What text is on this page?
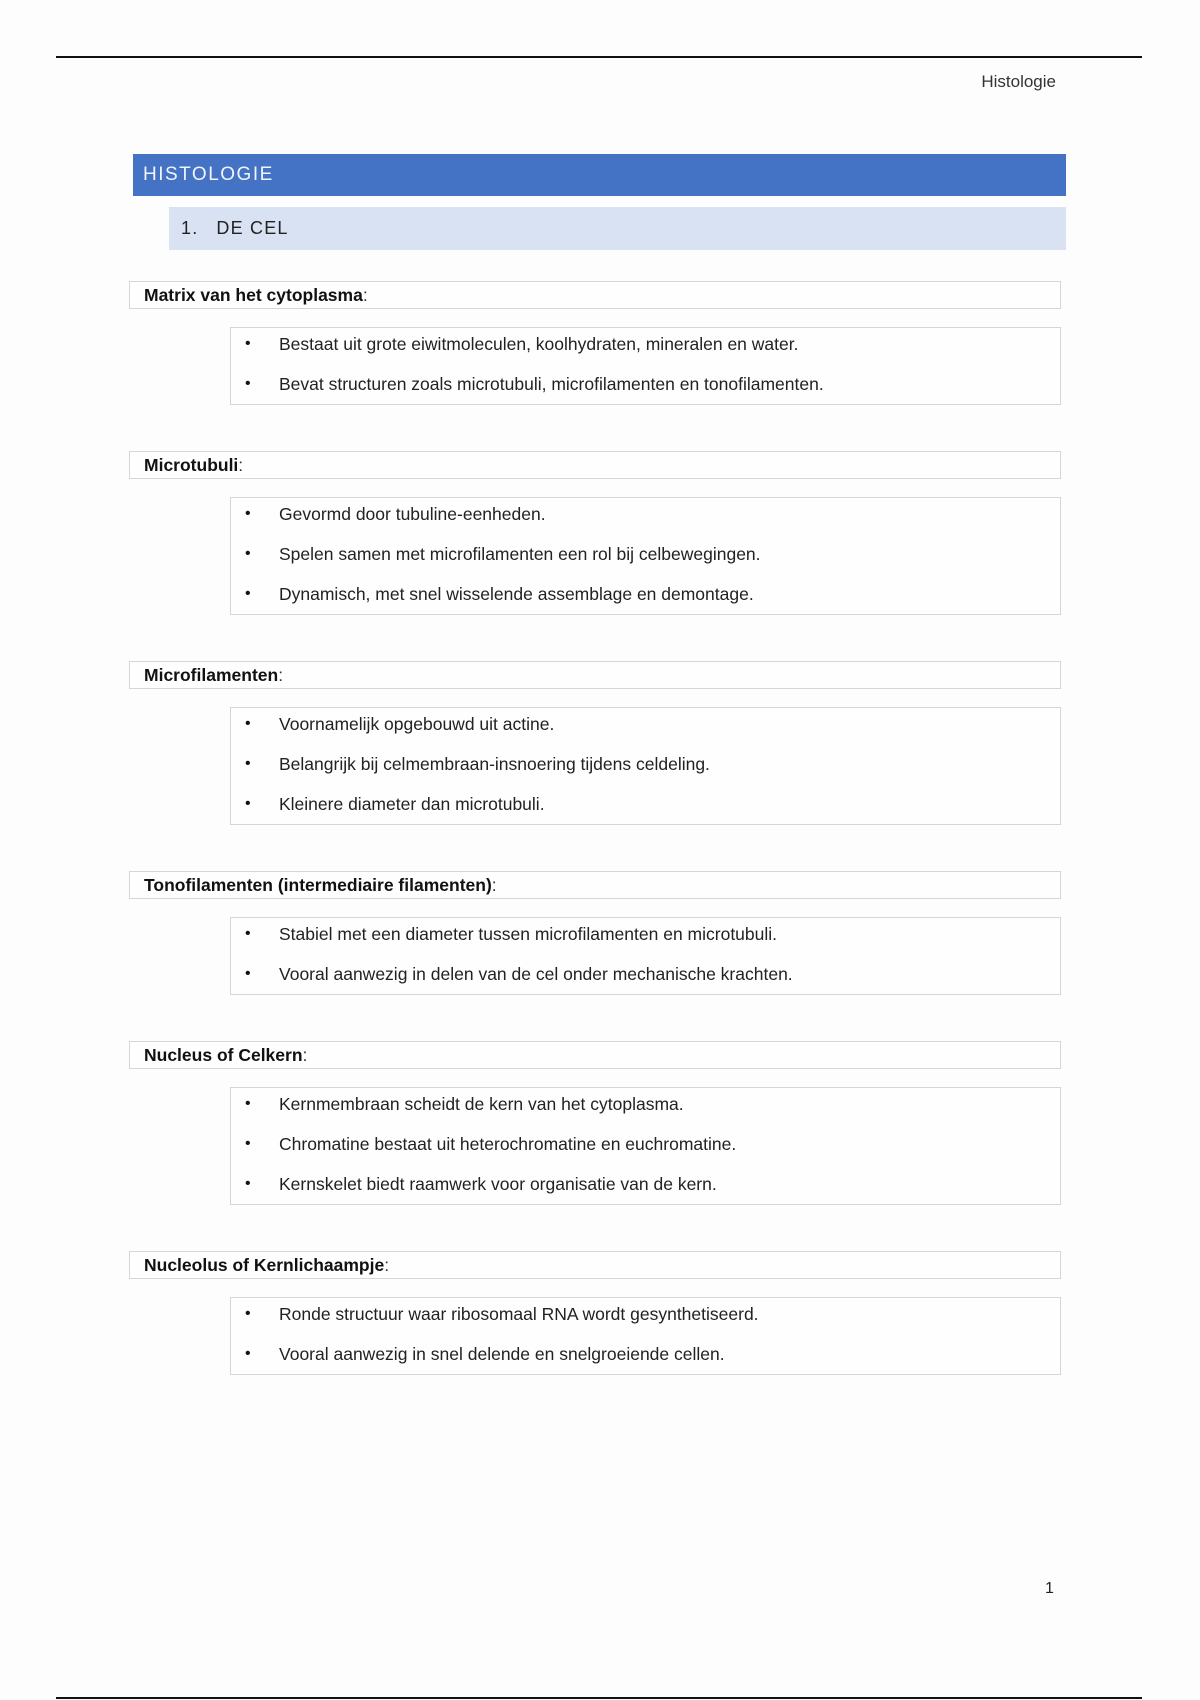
Histologie
HISTOLOGIE
1. DE CEL
Matrix van het cytoplasma:
• Bestaat uit grote eiwitmoleculen, koolhydraten, mineralen en water.
• Bevat structuren zoals microtubuli, microfilamenten en tonofilamenten.
Microtubuli:
• Gevormd door tubuline-eenheden.
• Spelen samen met microfilamenten een rol bij celbewegingen.
• Dynamisch, met snel wisselende assemblage en demontage.
Microfilamenten:
• Voornamelijk opgebouwd uit actine.
• Belangrijk bij celmembraan-insnoering tijdens celdeling.
• Kleinere diameter dan microtubuli.
Tonofilamenten (intermediaire filamenten):
• Stabiel met een diameter tussen microfilamenten en microtubuli.
• Vooral aanwezig in delen van de cel onder mechanische krachten.
Nucleus of Celkern:
• Kernmembraan scheidt de kern van het cytoplasma.
• Chromatine bestaat uit heterochromatine en euchromatine.
• Kernskelet biedt raamwerk voor organisatie van de kern.
Nucleolus of Kernlichaampje:
• Ronde structuur waar ribosomaal RNA wordt gesynthetiseerd.
• Vooral aanwezig in snel delende en snelgroeiende cellen.
1
